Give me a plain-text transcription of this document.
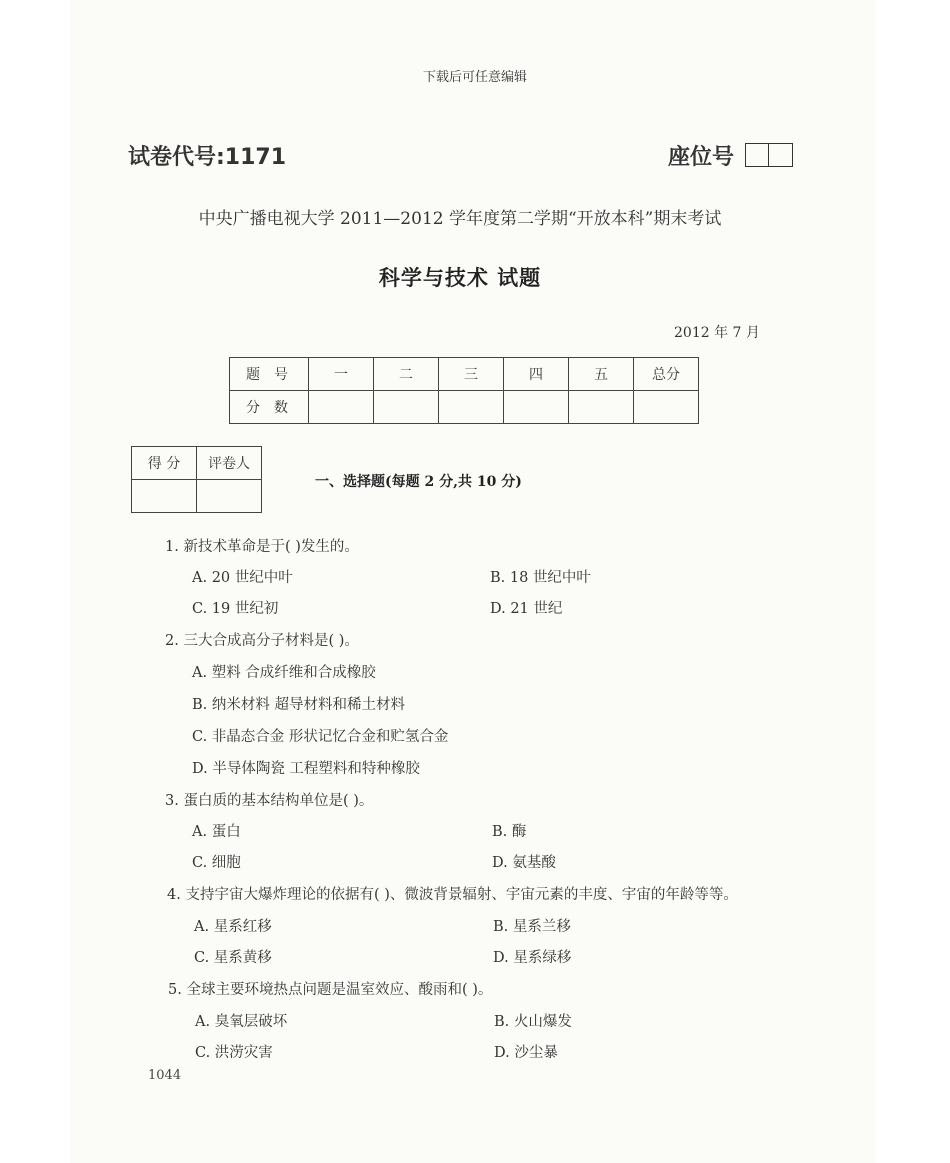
下载后可任意编辑
试卷代号:1171	座位号
中央广播电视大学 2011—2012 学年度第二学期“开放本科”期末考试
科学与技术 试题
2012 年 7 月
题号	一	二	三	四	五	总分
分数						
得 分	评卷人

一、选择题(每题 2 分,共 10 分)
1. 新技术革命是于( )发生的。
A. 20 世纪中叶	B. 18 世纪中叶
C. 19 世纪初	D. 21 世纪
2. 三大合成高分子材料是( )。
A. 塑料 合成纤维和合成橡胶
B. 纳米材料 超导材料和稀土材料
C. 非晶态合金 形状记忆合金和贮氢合金
D. 半导体陶瓷 工程塑料和特种橡胶
3. 蛋白质的基本结构单位是( )。
A. 蛋白	B. 酶
C. 细胞	D. 氨基酸
4. 支持宇宙大爆炸理论的依据有( )、微波背景辐射、宇宙元素的丰度、宇宙的年龄等等。
A. 星系红移	B. 星系兰移
C. 星系黄移	D. 星系绿移
5. 全球主要环境热点问题是温室效应、酸雨和( )。
A. 臭氧层破坏	B. 火山爆发
C. 洪涝灾害	D. 沙尘暴
1044
